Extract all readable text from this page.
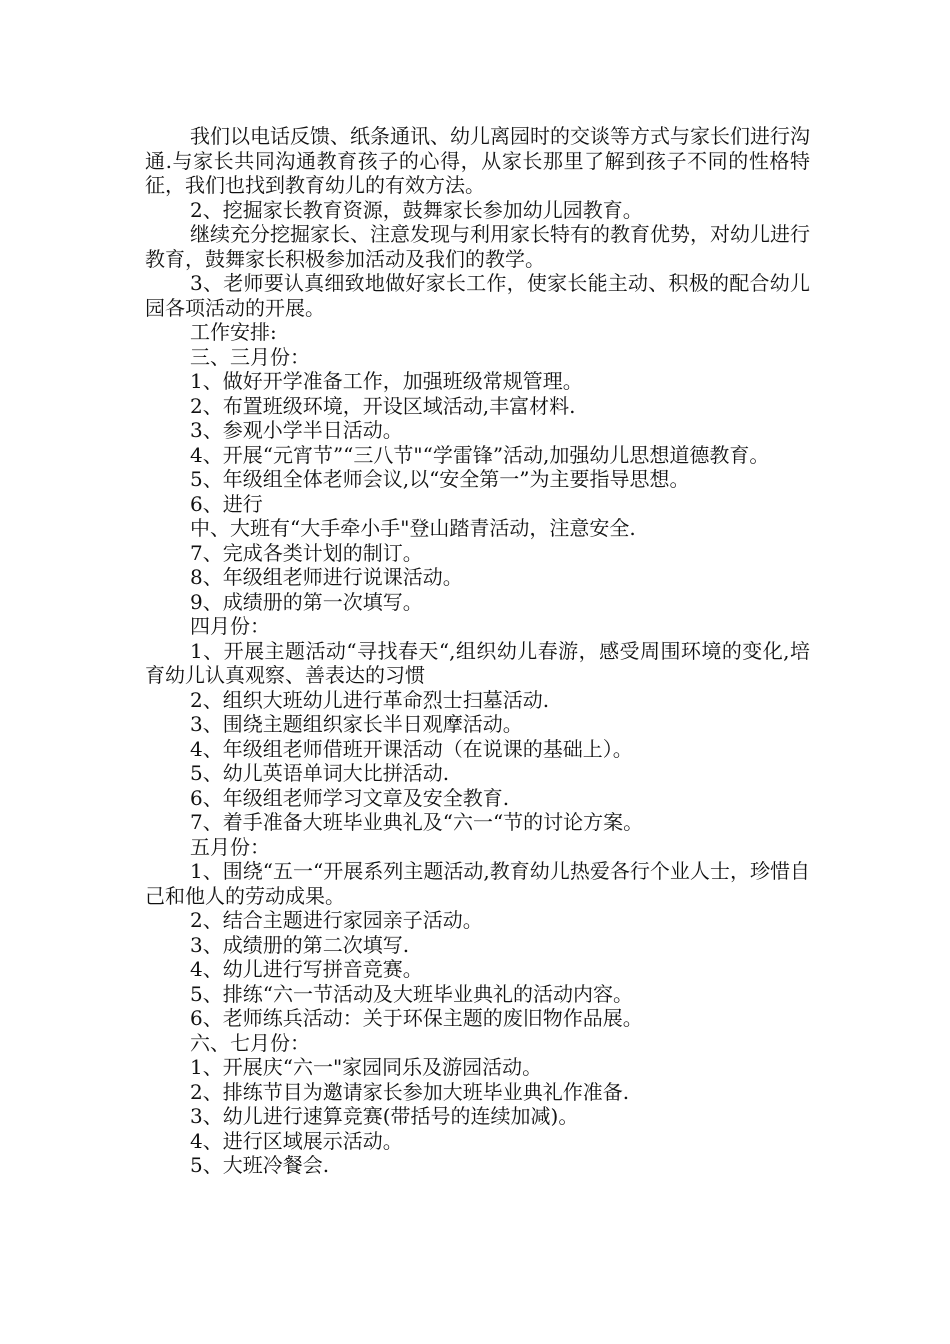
我们以电话反馈、纸条通讯、幼儿离园时的交谈等方式与家长们进行沟通.与家长共同沟通教育孩子的心得，从家长那里了解到孩子不同的性格特征，我们也找到教育幼儿的有效方法。

2、挖掘家长教育资源，鼓舞家长参加幼儿园教育。

继续充分挖掘家长、注意发现与利用家长特有的教育优势，对幼儿进行教育，鼓舞家长积极参加活动及我们的教学。

3、老师要认真细致地做好家长工作，使家长能主动、积极的配合幼儿园各项活动的开展。

工作安排:

三、三月份：

1、做好开学准备工作，加强班级常规管理。

2、布置班级环境，开设区域活动,丰富材料.

3、参观小学半日活动。

4、开展“元宵节”“三八节"“学雷锋”活动,加强幼儿思想道德教育。

5、年级组全体老师会议,以“安全第一”为主要指导思想。

6、进行

中、大班有“大手牵小手"登山踏青活动，注意安全.

7、完成各类计划的制订。

8、年级组老师进行说课活动。

9、成绩册的第一次填写。

四月份：

1、开展主题活动“寻找春天“,组织幼儿春游，感受周围环境的变化,培育幼儿认真观察、善表达的习惯

2、组织大班幼儿进行革命烈士扫墓活动.

3、围绕主题组织家长半日观摩活动。

4、年级组老师借班开课活动（在说课的基础上）。

5、幼儿英语单词大比拼活动.

6、年级组老师学习文章及安全教育.

7、着手准备大班毕业典礼及“六一“节的讨论方案。

五月份：

1、围绕“五一“开展系列主题活动,教育幼儿热爱各行个业人士，珍惜自己和他人的劳动成果。

2、结合主题进行家园亲子活动。

3、成绩册的第二次填写.

4、幼儿进行写拼音竞赛。

5、排练“六一节活动及大班毕业典礼的活动内容。

6、老师练兵活动：关于环保主题的废旧物作品展。

六、七月份：

1、开展庆“六一"家园同乐及游园活动。

2、排练节目为邀请家长参加大班毕业典礼作准备.

3、幼儿进行速算竞赛(带括号的连续加减)。

4、进行区域展示活动。

5、大班冷餐会.
